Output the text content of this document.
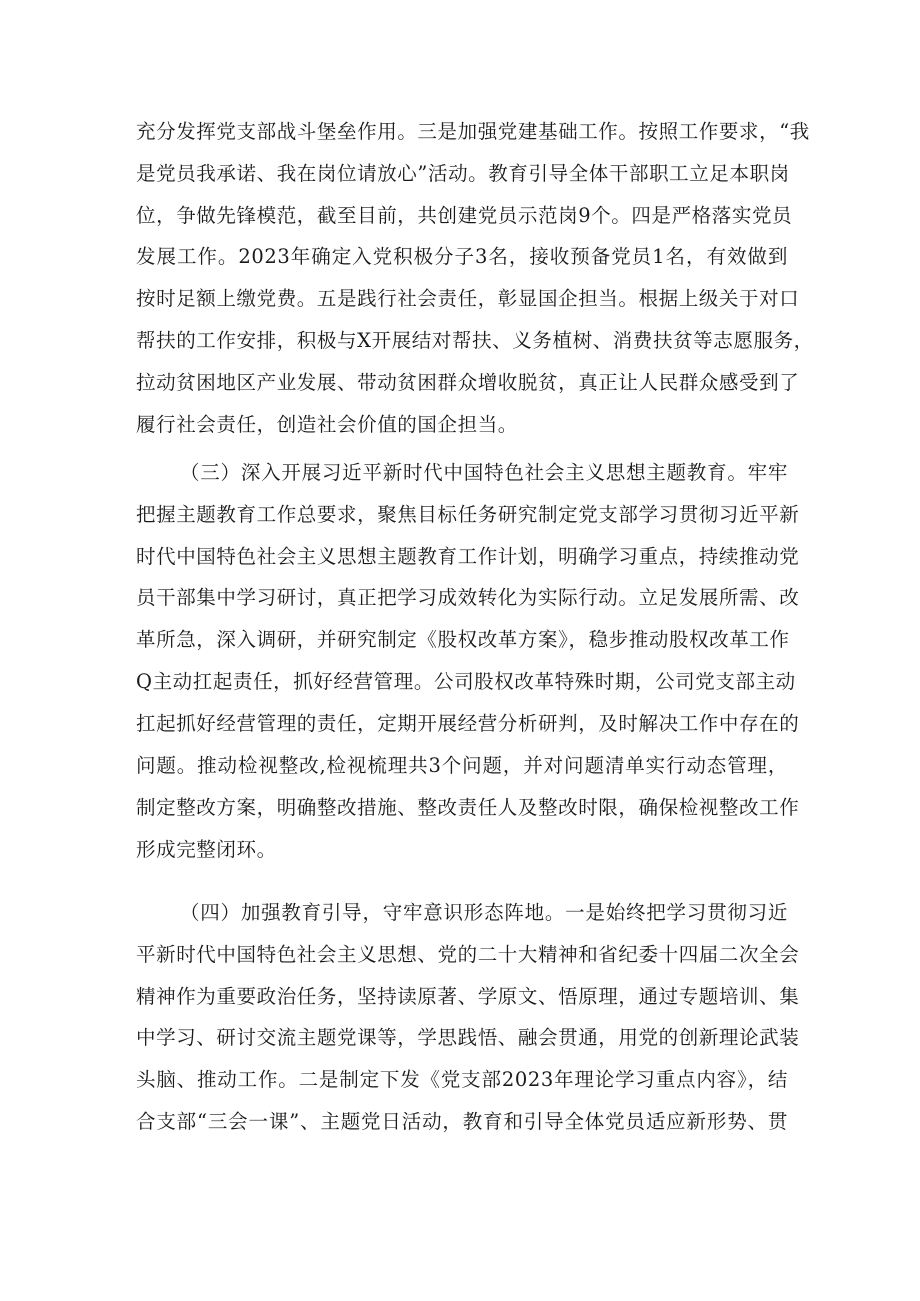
充分发挥党支部战斗堡垒作用。三是加强党建基础工作。按照工作要求，“我
是党员我承诺、我在岗位请放心”活动。教育引导全体干部职工立足本职岗
位，争做先锋模范，截至目前，共创建党员示范岗9个。四是严格落实党员
发展工作。2023年确定入党积极分子3名，接收预备党员1名，有效做到
按时足额上缴党费。五是践行社会责任，彰显国企担当。根据上级关于对口
帮扶的工作安排，积极与X开展结对帮扶、义务植树、消费扶贫等志愿服务，
拉动贫困地区产业发展、带动贫困群众增收脱贫，真正让人民群众感受到了
履行社会责任，创造社会价值的国企担当。
（三）深入开展习近平新时代中国特色社会主义思想主题教育。牢牢
把握主题教育工作总要求，聚焦目标任务研究制定党支部学习贯彻习近平新
时代中国特色社会主义思想主题教育工作计划，明确学习重点，持续推动党
员干部集中学习研讨，真正把学习成效转化为实际行动。立足发展所需、改
革所急，深入调研，并研究制定《股权改革方案》，稳步推动股权改革工作
Q主动扛起责任，抓好经营管理。公司股权改革特殊时期，公司党支部主动
扛起抓好经营管理的责任，定期开展经营分析研判，及时解决工作中存在的
问题。推动检视整改,检视梳理共3个问题，并对问题清单实行动态管理，
制定整改方案，明确整改措施、整改责任人及整改时限，确保检视整改工作
形成完整闭环。
（四）加强教育引导，守牢意识形态阵地。一是始终把学习贯彻习近
平新时代中国特色社会主义思想、党的二十大精神和省纪委十四届二次全会
精神作为重要政治任务，坚持读原著、学原文、悟原理，通过专题培训、集
中学习、研讨交流主题党课等，学思践悟、融会贯通，用党的创新理论武装
头脑、推动工作。二是制定下发《党支部2023年理论学习重点内容》，结
合支部“三会一课”、主题党日活动，教育和引导全体党员适应新形势、贯
